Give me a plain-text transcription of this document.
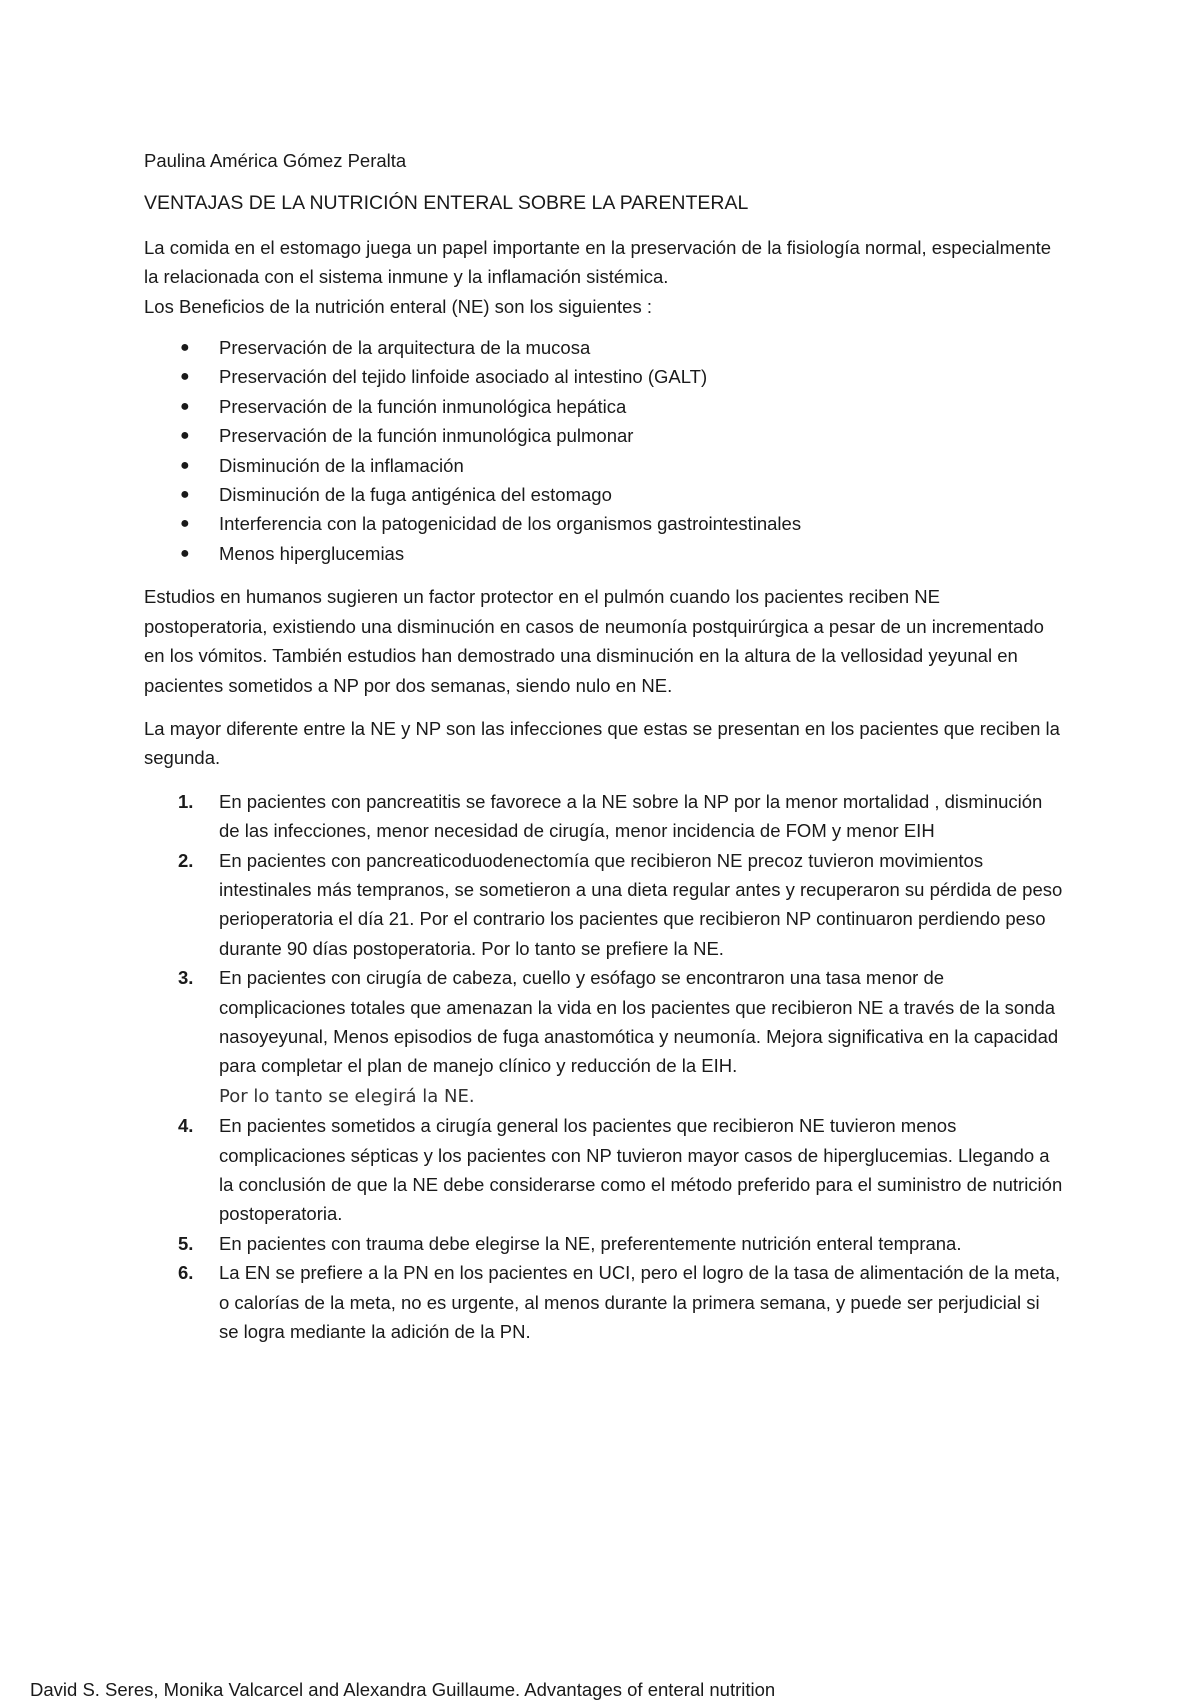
Paulina América Gómez Peralta

VENTAJAS DE LA NUTRICIÓN ENTERAL SOBRE LA PARENTERAL

La comida en el estomago juega un papel importante en la preservación de la fisiología normal, especialmente la relacionada con el sistema inmune y la inflamación sistémica.

Los Beneficios de la nutrición enteral (NE) son los siguientes :

● Preservación de la arquitectura de la mucosa
● Preservación del tejido linfoide asociado al intestino (GALT)
● Preservación de la función inmunológica hepática
● Preservación de la función inmunológica pulmonar
● Disminución de la inflamación
● Disminución de la fuga antigénica del estomago
● Interferencia con la patogenicidad de los organismos gastrointestinales
● Menos hiperglucemias

Estudios en humanos sugieren un factor protector en el pulmón cuando los pacientes reciben NE postoperatoria, existiendo una disminución en casos de neumonía postquirúrgica a pesar de un incrementado en los vómitos. También estudios han demostrado una disminución en la altura de la vellosidad yeyunal en pacientes sometidos a NP por dos semanas, siendo nulo en NE.

La mayor diferente entre la NE y NP son las infecciones que estas se presentan en los pacientes que reciben la segunda.

1. En pacientes con pancreatitis se favorece a la NE sobre la NP por la menor mortalidad , disminución de las infecciones, menor necesidad de cirugía, menor incidencia de FOM y menor EIH
2. En pacientes con pancreaticoduodenectomía que recibieron NE precoz tuvieron movimientos intestinales más tempranos, se sometieron a una dieta regular antes y recuperaron su pérdida de peso perioperatoria el día 21. Por el contrario los pacientes que recibieron NP continuaron perdiendo peso durante 90 días postoperatoria. Por lo tanto se prefiere la NE.
3. En pacientes con cirugía de cabeza, cuello y esófago se encontraron una tasa menor de complicaciones totales que amenazan la vida en los pacientes que recibieron NE a través de la sonda nasoyeyunal, Menos episodios de fuga anastomótica y neumonía. Mejora significativa en la capacidad para completar el plan de manejo clínico y reducción de la EIH.
Por lo tanto se elegirá la NE.
4. En pacientes sometidos a cirugía general los pacientes que recibieron NE tuvieron menos complicaciones sépticas y los pacientes con NP tuvieron mayor casos de hiperglucemias. Llegando a la conclusión de que la NE debe considerarse como el método preferido para el suministro de nutrición postoperatoria.
5. En pacientes con trauma debe elegirse la NE, preferentemente nutrición enteral temprana.
6. La EN se prefiere a la PN en los pacientes en UCI, pero el logro de la tasa de alimentación de la meta, o calorías de la meta, no es urgente, al menos durante la primera semana, y puede ser perjudicial si se logra mediante la adición de la PN.
David S. Seres, Monika Valcarcel and Alexandra Guillaume. Advantages of enteral nutrition
